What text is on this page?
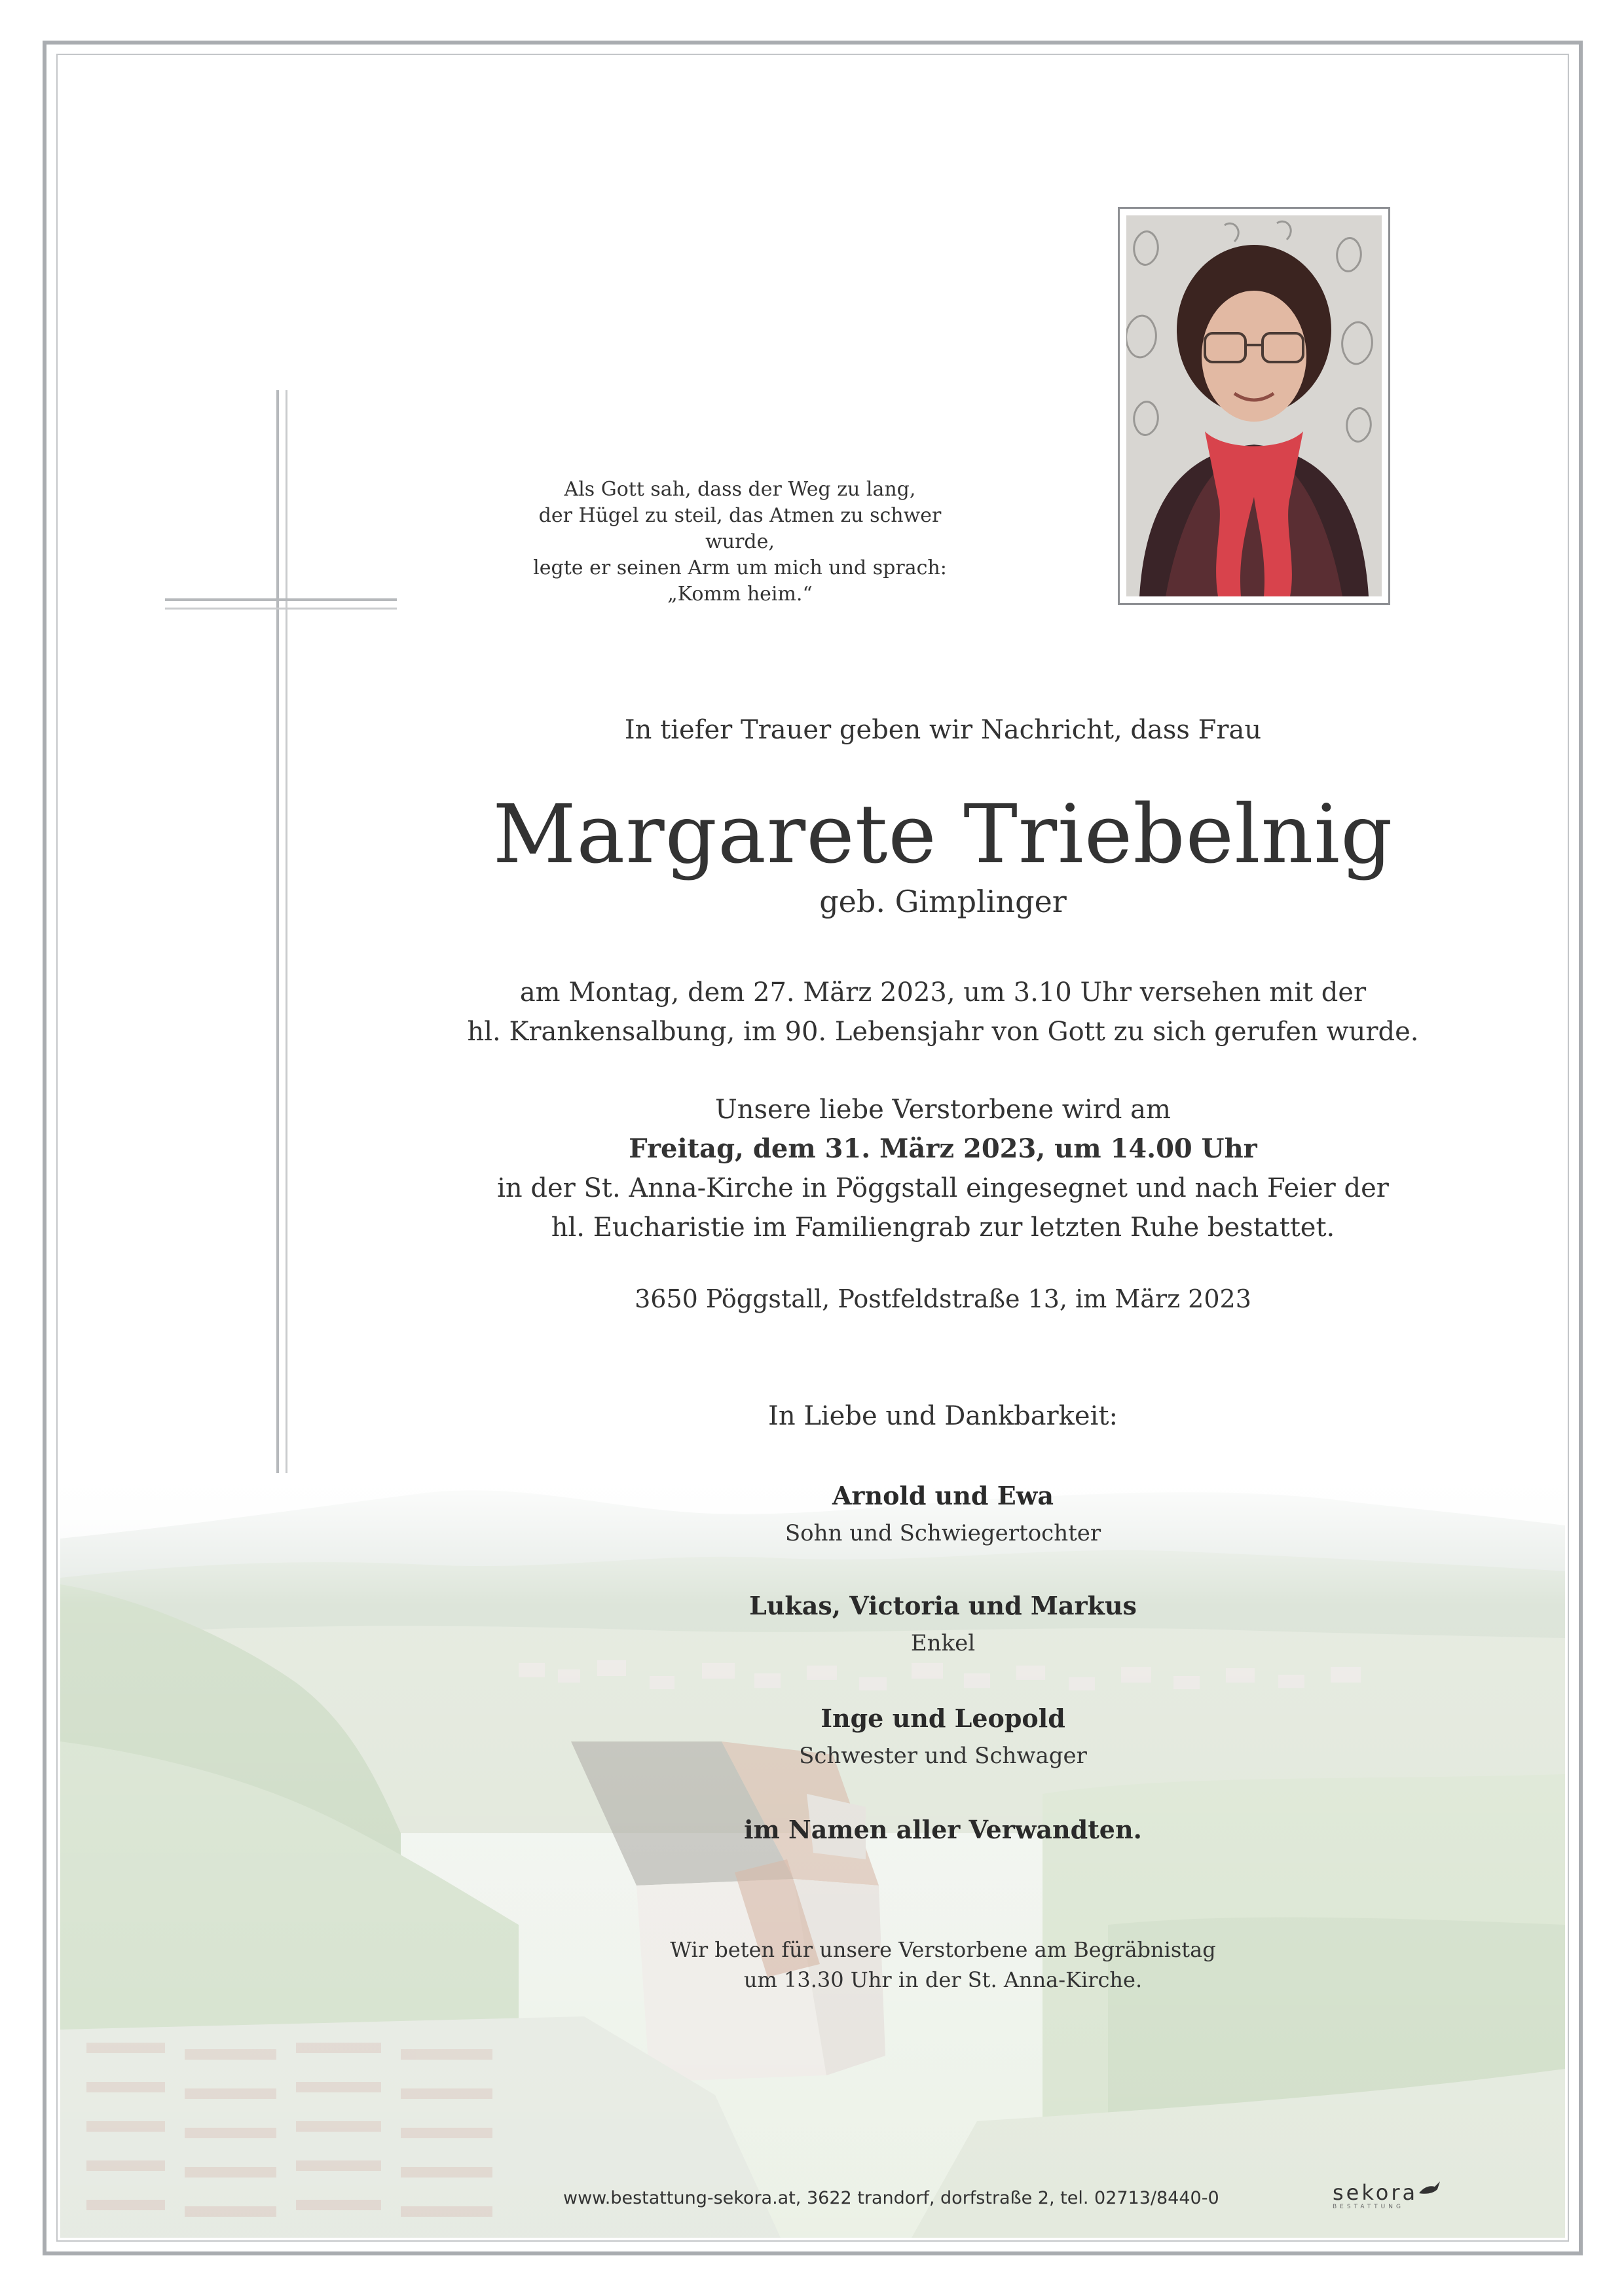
Als Gott sah, dass der Weg zu lang,
der Hügel zu steil, das Atmen zu schwer wurde,
legte er seinen Arm um mich und sprach:
„Komm heim.“
In tiefer Trauer geben wir Nachricht, dass Frau
Margarete Triebelnig
geb. Gimplinger
am Montag, dem 27. März 2023, um 3.10 Uhr versehen mit der
hl. Krankensalbung, im 90. Lebensjahr von Gott zu sich gerufen wurde.
Unsere liebe Verstorbene wird am
Freitag, dem 31. März 2023, um 14.00 Uhr
in der St. Anna-Kirche in Pöggstall eingesegnet und nach Feier der
hl. Eucharistie im Familiengrab zur letzten Ruhe bestattet.
3650 Pöggstall, Postfeldstraße 13, im März 2023
In Liebe und Dankbarkeit:
Arnold und Ewa
Sohn und Schwiegertochter
Lukas, Victoria und Markus
Enkel
Inge und Leopold
Schwester und Schwager
im Namen aller Verwandten.
Wir beten für unsere Verstorbene am Begräbnistag
um 13.30 Uhr in der St. Anna-Kirche.
www.bestattung-sekora.at, 3622 trandorf, dorfstraße 2, tel. 02713/8440-0	sekora
BESTATTUNG
